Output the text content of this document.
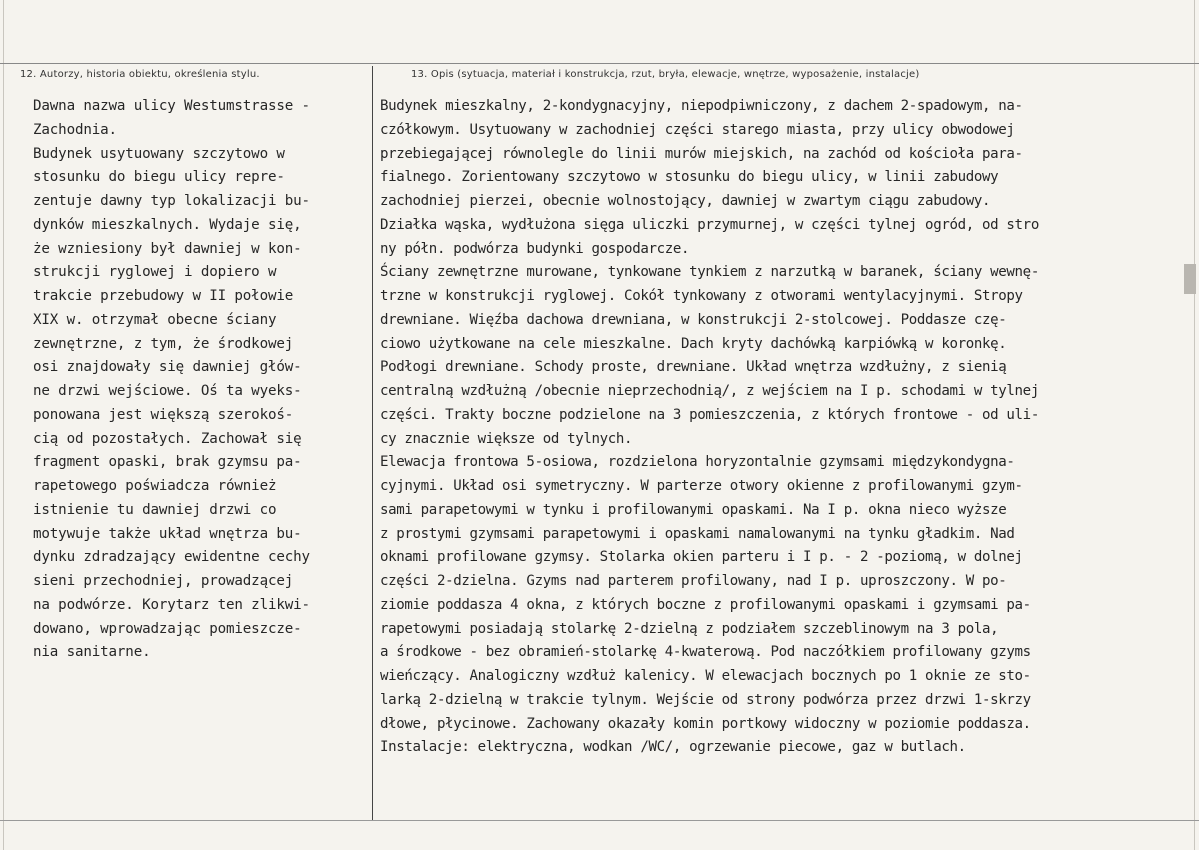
12. Autorzy, historia obiektu, określenia stylu.	13. Opis (sytuacja, materiał i konstrukcja, rzut, bryła, elewacje, wnętrze, wyposażenie, instalacje)
Dawna nazwa ulicy Westumstrasse -
Zachodnia.
Budynek usytuowany szczytowo w
stosunku do biegu ulicy repre-
zentuje dawny typ lokalizacji bu-
dynków mieszkalnych. Wydaje się,
że wzniesiony był dawniej w kon-
strukcji ryglowej i dopiero w
trakcie przebudowy w II połowie
XIX w. otrzymał obecne ściany
zewnętrzne, z tym, że środkowej
osi znajdowały się dawniej głów-
ne drzwi wejściowe. Oś ta wyeks-
ponowana jest większą szerokoś-
cią od pozostałych. Zachował się
fragment opaski, brak gzymsu pa-
rapetowego poświadcza również
istnienie tu dawniej drzwi co
motywuje także układ wnętrza bu-
dynku zdradzający ewidentne cechy
sieni przechodniej, prowadzącej
na podwórze. Korytarz ten zlikwi-
dowano, wprowadzając pomieszcze-
nia sanitarne.
Budynek mieszkalny, 2-kondygnacyjny, niepodpiwniczony, z dachem 2-spadowym, na-
czółkowym. Usytuowany w zachodniej części starego miasta, przy ulicy obwodowej
przebiegającej równolegle do linii murów miejskich, na zachód od kościoła para-
fialnego. Zorientowany szczytowo w stosunku do biegu ulicy, w linii zabudowy
zachodniej pierzei, obecnie wolnostojący, dawniej w zwartym ciągu zabudowy.
Działka wąska, wydłużona sięga uliczki przymurnej, w części tylnej ogród, od stro
ny półn. podwórza budynki gospodarcze.
Ściany zewnętrzne murowane, tynkowane tynkiem z narzutką w baranek, ściany wewnę-
trzne w konstrukcji ryglowej. Cokół tynkowany z otworami wentylacyjnymi. Stropy
drewniane. Więźba dachowa drewniana, w konstrukcji 2-stolcowej. Poddasze czę-
ciowo użytkowane na cele mieszkalne. Dach kryty dachówką karpiówką w koronkę.
Podłogi drewniane. Schody proste, drewniane. Układ wnętrza wzdłużny, z sienią
centralną wzdłużną /obecnie nieprzechodnią/, z wejściem na I p. schodami w tylnej
części. Trakty boczne podzielone na 3 pomieszczenia, z których frontowe - od uli-
cy znacznie większe od tylnych.
Elewacja frontowa 5-osiowa, rozdzielona horyzontalnie gzymsami międzykondygna-
cyjnymi. Układ osi symetryczny. W parterze otwory okienne z profilowanymi gzym-
sami parapetowymi w tynku i profilowanymi opaskami. Na I p. okna nieco wyższe
z prostymi gzymsami parapetowymi i opaskami namalowanymi na tynku gładkim. Nad
oknami profilowane gzymsy. Stolarka okien parteru i I p. - 2 -poziomą, w dolnej
części 2-dzielna. Gzyms nad parterem profilowany, nad I p. uproszczony. W po-
ziomie poddasza 4 okna, z których boczne z profilowanymi opaskami i gzymsami pa-
rapetowymi posiadają stolarkę 2-dzielną z podziałem szczeblinowym na 3 pola,
a środkowe - bez obramień-stolarkę 4-kwaterową. Pod naczółkiem profilowany gzyms
wieńczący. Analogiczny wzdłuż kalenicy. W elewacjach bocznych po 1 oknie ze sto-
larką 2-dzielną w trakcie tylnym. Wejście od strony podwórza przez drzwi 1-skrzy
dłowe, płycinowe. Zachowany okazały komin portkowy widoczny w poziomie poddasza.
Instalacje: elektryczna, wodkan /WC/, ogrzewanie piecowe, gaz w butlach.
